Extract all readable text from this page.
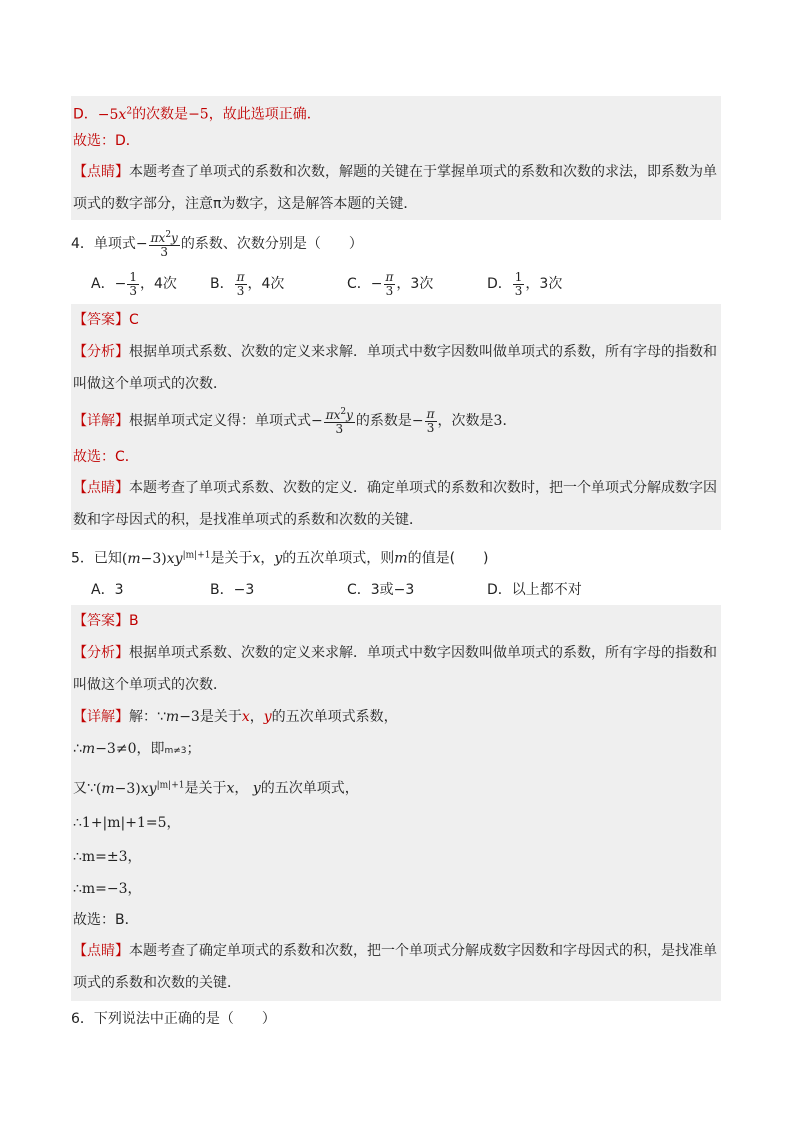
D．$-5x^2$的次数是−5，故此选项正确．
故选：D．
【点睛】本题考查了单项式的系数和次数，解题的关键在于掌握单项式的系数和次数的求法，即系数为单
项式的数字部分，注意π为数字，这是解答本题的关键．
4．单项式− $\frac{\pi x^2y}{3}$ 的系数、次数分别是（　　）
A．− $\frac{1}{3}$ ，4次 B． $\frac{\pi}{3}$ ，4次	C．− $\frac{\pi}{3}$ ，3次	D． $\frac{1}{3}$ ，3次
【答案】C
【分析】根据单项式系数、次数的定义来求解．单项式中数字因数叫做单项式的系数，所有字母的指数和
叫做这个单项式的次数．
【详解】根据单项式定义得：单项式式− $\frac{\pi x^2y}{3}$ 的系数是− $\frac{\pi}{3}$ ，次数是3．
故选：C．
【点睛】本题考查了单项式系数、次数的定义．确定单项式的系数和次数时，把一个单项式分解成数字因
数和字母因式的积，是找准单项式的系数和次数的关键．
5．已知$(m-3)xy^{|m|+1}$是关于x，y的五次单项式，则m的值是(　　)
A．3	B．−3	C．3或−3	D．以上都不对
【答案】B
【分析】根据单项式系数、次数的定义来求解．单项式中数字因数叫做单项式的系数，所有字母的指数和
叫做这个单项式的次数．
【详解】解：∵m−3是关于x，y的五次单项式系数，
∴m−3≠0，即m≠3；
又$\because(m-3)xy^{|m|+1}$是关于x， y的五次单项式，
∴1+|m|+1=5，
∴m=±3，
∴m=−3，
故选：B．
【点睛】本题考查了确定单项式的系数和次数，把一个单项式分解成数字因数和字母因式的积，是找准单
项式的系数和次数的关键．
6．下列说法中正确的是（　　）
